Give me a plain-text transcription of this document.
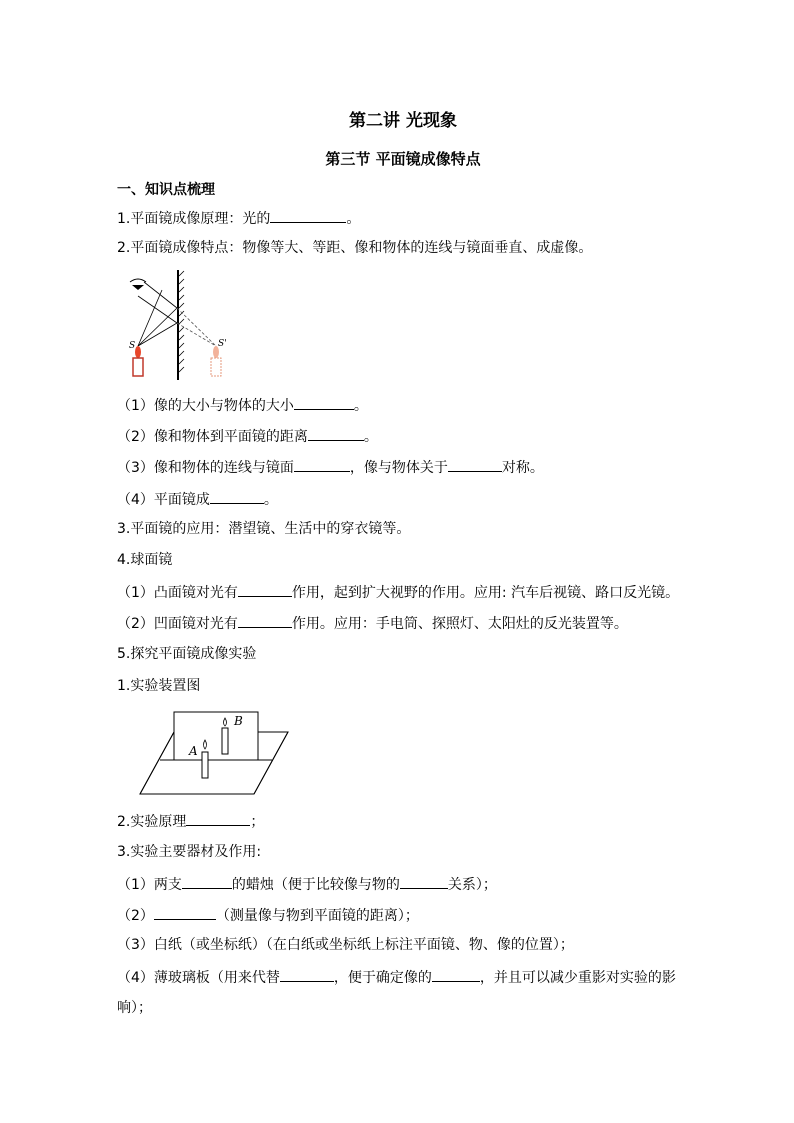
第二讲 光现象
第三节 平面镜成像特点
一、知识点梳理
1.平面镜成像原理：光的	。
2.平面镜成像特点：物像等大、等距、像和物体的连线与镜面垂直、成虚像。
S	S'
（1）像的大小与物体的大小	。
（2）像和物体到平面镜的距离	。
（3）像和物体的连线与镜面	，像与物体关于	对称。
（4）平面镜成	。
3.平面镜的应用：潜望镜、生活中的穿衣镜等。
4.球面镜
（1）凸面镜对光有	作用，起到扩大视野的作用。应用: 汽车后视镜、路口反光镜。
（2）凹面镜对光有	作用。应用：手电筒、探照灯、太阳灶的反光装置等。
5.探究平面镜成像实验
1.实验装置图
A
B
2.实验原理	；
3.实验主要器材及作用:
（1）两支	的蜡烛（便于比较像与物的	关系）；
（2）	（测量像与物到平面镜的距离）；
（3）白纸（或坐标纸）（在白纸或坐标纸上标注平面镜、物、像的位置）；
（4）薄玻璃板（用来代替	，便于确定像的	，并且可以减少重影对实验的影
响）；
